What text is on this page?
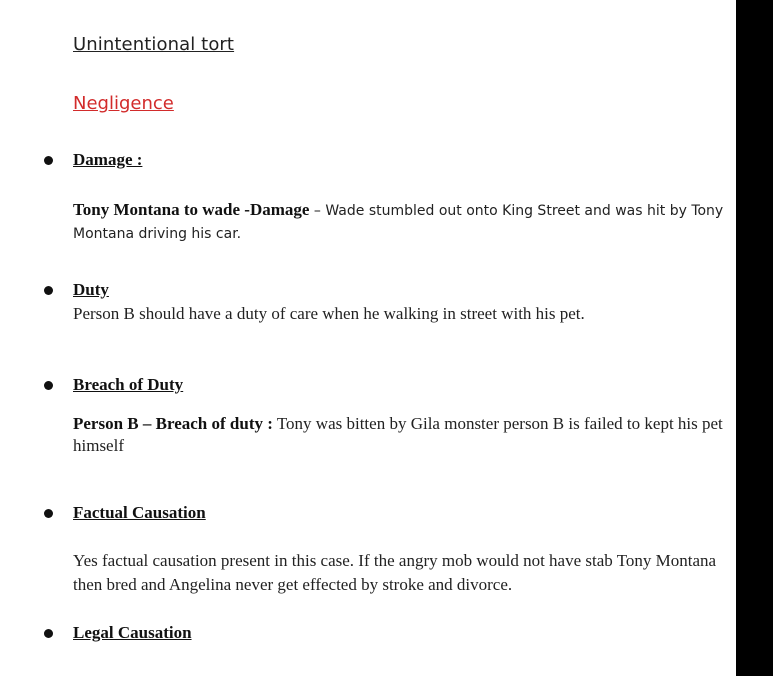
Unintentional tort
Negligence
Damage :
Tony Montana to wade -Damage – Wade stumbled out onto King Street and was hit by Tony Montana driving his car.
Duty
Person B should have a duty of care when he walking in street with his pet.
Breach of Duty
Person B – Breach of duty : Tony was bitten by Gila monster person B is failed to kept his pet himself
Factual Causation
Yes factual causation present in this case. If the angry mob would not have stab Tony Montana then bred and Angelina never get effected by stroke and divorce.
Legal Causation
